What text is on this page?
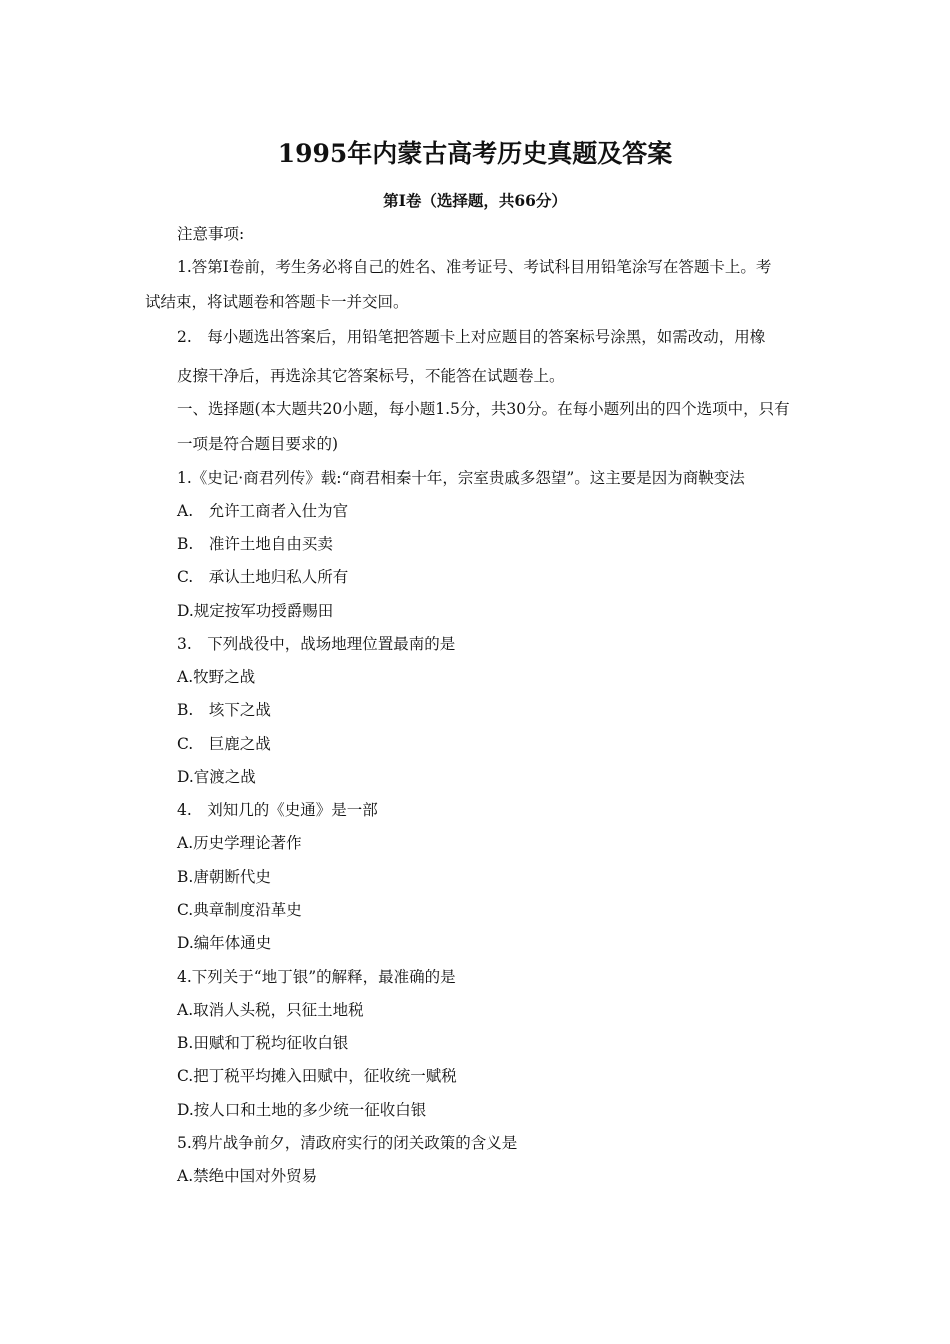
1995年内蒙古高考历史真题及答案
第Ⅰ卷（选择题，共66分）
注意事项:
1.答第Ⅰ卷前，考生务必将自己的姓名、准考证号、考试科目用铅笔涂写在答题卡上。考
试结束，将试题卷和答题卡一并交回。
2.　每小题选出答案后，用铅笔把答题卡上对应题目的答案标号涂黑，如需改动，用橡
皮擦干净后，再选涂其它答案标号，不能答在试题卷上。
一、选择题(本大题共20小题，每小题1.5分，共30分。在每小题列出的四个选项中，只有
一项是符合题目要求的)
1.《史记·商君列传》载:“商君相秦十年，宗室贵戚多怨望”。这主要是因为商鞅变法
A.　允许工商者入仕为官
B.　准许土地自由买卖
C.　承认土地归私人所有
D.规定按军功授爵赐田
3.　下列战役中，战场地理位置最南的是
A.牧野之战
B.　垓下之战
C.　巨鹿之战
D.官渡之战
4.　刘知几的《史通》是一部
A.历史学理论著作
B.唐朝断代史
C.典章制度沿革史
D.编年体通史
4.下列关于“地丁银”的解释，最准确的是
A.取消人头税，只征土地税
B.田赋和丁税均征收白银
C.把丁税平均摊入田赋中，征收统一赋税
D.按人口和土地的多少统一征收白银
5.鸦片战争前夕，清政府实行的闭关政策的含义是
A.禁绝中国对外贸易
